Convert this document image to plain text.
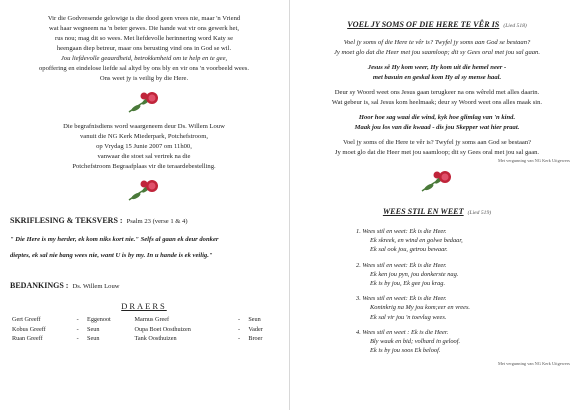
Vir die Godvresende gelowige is die dood geen vrees nie, maar 'n Vriend

wat haar wegneem na 'n beter gewes. Die hande wat vir ons gewerk het,

rus nou; mag dit so wees. Met liefdevolle herinnering word Katy se

heengaan diep betreur, maar ons berusting vind ons in God se wil.

Jou liefdevolle geaardheid, betrokkenheid om te help en te gee,

opoffering en eindelose liefde sal altyd by ons bly en vir ons 'n voorbeeld wees.

Ons weet jy is veilig by die Here.

Die begrafnisdiens word waargeneem deur Ds. Willem Louw

vanuit die NG Kerk Miederpark, Potchefstroom,

op Vrydag 15 Junie 2007 om 11h00,

vanwaar die stoet sal vertrek na die

Potchefstroom Begraafplaas vir die teraardebestelling.

SKRIFLESING & TEKSVERS : Psalm 23 (verse 1 & 4)

" Die Here is my herder, ek kom niks kort nie." Selfs al gaan ek deur donker

dieptes, ek sal nie bang wees nie, want U is by my. In u hande is ek veilig."

BEDANKINGS : Ds. Willem Louw
DRAERS
Gert Greeff	-	Eggenoot	Marnus Greef	-	Seun
Kobus Greeff	-	Seun	Oupa Boet Oosthuizen	-	Vader
Ruan Greeff	-	Seun	Tank Oosthuizen	-	Broer
VOEL JY SOMS OF DIE HERE TE VÊR IS (Lied 518)

Voel jy soms of die Here te vêr is? Twyfel jy soms aan God se bestaan?

Jy moet glo dat die Heer met jou saamloop; dit sy Gees oral met jou sal gaan.

Jesus sê Hy kom weer, Hy kom uit die hemel neer -

met basuin en geskal kom Hy al sy mense haal.

Deur sy Woord weet ons Jesus gaan terugkeer na ons wêreld met alles daarin.

Wat gebeur is, sal Jesus kom heelmaak; deur sy Woord weet ons alles maak sin.

Hoor hoe sag waai die wind, kyk hoe glimlag van 'n kind.

Maak jou los van die kwaad - dis jou Skepper wat hier praat.

Voel jy soms of die Here te vêr is? Twyfel jy soms aan God se bestaan?

Jy moet glo dat die Heer met jou saamloop; dit sy Gees oral met jou sal gaan.

Met vergunning van NG Kerk Uitgewers
WEES STIL EN WEET (Lied 519)

1. Wees stil en weet: Ek is die Heer.

Ek skreek, en wind en golwe bedaar,

Ek sal ook jou, getrou bewaar.

2. Wees stil en weet: Ek is die Heer.

Ek ken jou pyn, jou donkerste nag.

Ek is by jou, Ek gee jou krag.

3. Wees stil en weet: Ek is die Heer.

Koninkrig na My jou kom;eer en vrees.

Ek sal vir jou 'n toevlug wees.

4. Wees stil en weet : Ek is die Heer.

Bly waak en bid; volhard in geloof.

Ek is by jou soos Ek beloof.

Met vergunning van NG Kerk Uitgewers
